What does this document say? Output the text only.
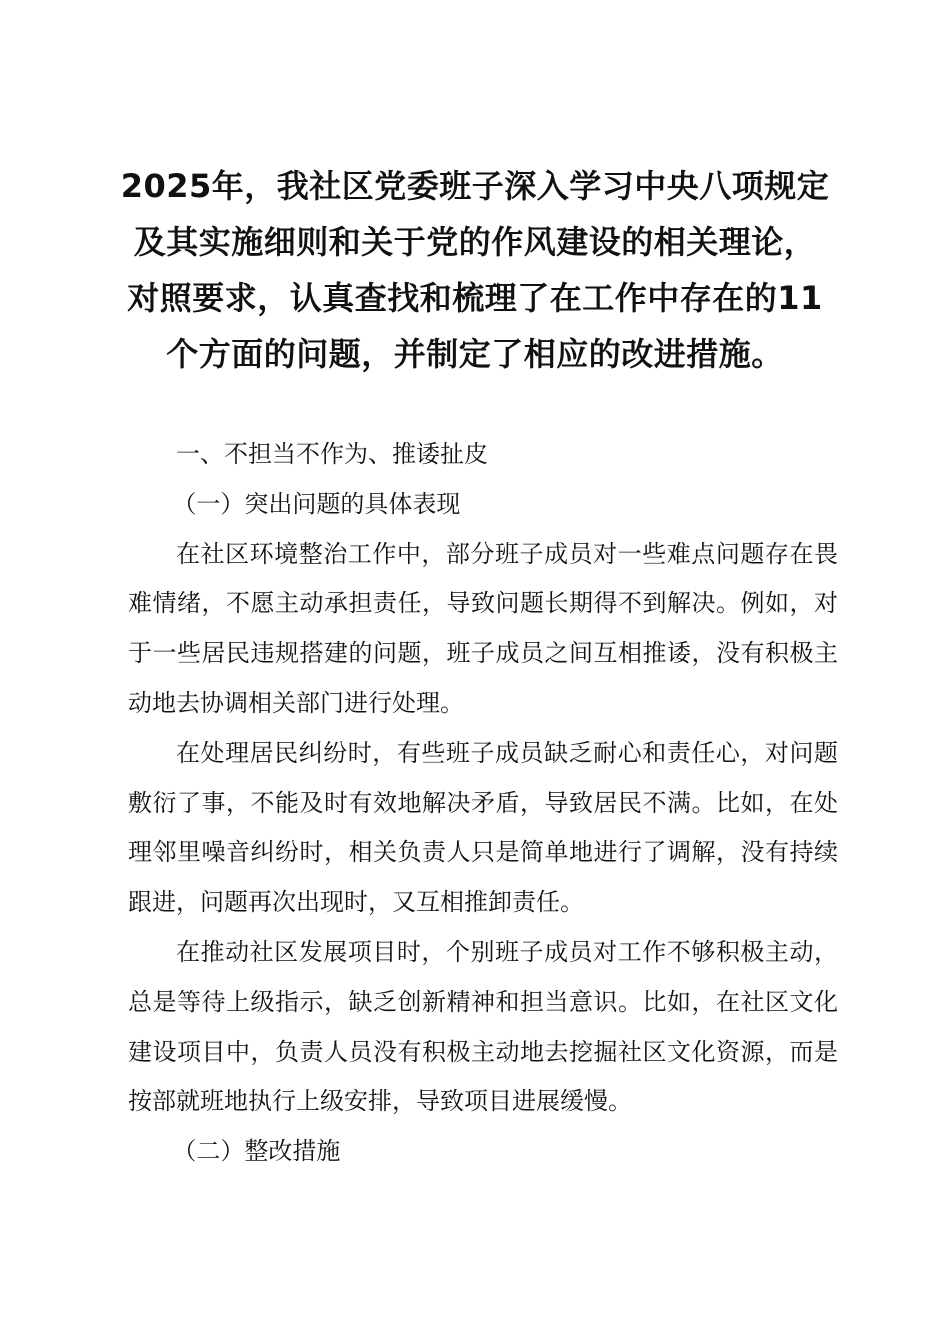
2025年，我社区党委班子深入学习中央八项规定及其实施细则和关于党的作风建设的相关理论，对照要求，认真查找和梳理了在工作中存在的11个方面的问题，并制定了相应的改进措施。

一、不担当不作为、推诿扯皮

（一）突出问题的具体表现

在社区环境整治工作中，部分班子成员对一些难点问题存在畏难情绪，不愿主动承担责任，导致问题长期得不到解决。例如，对于一些居民违规搭建的问题，班子成员之间互相推诿，没有积极主动地去协调相关部门进行处理。

在处理居民纠纷时，有些班子成员缺乏耐心和责任心，对问题敷衍了事，不能及时有效地解决矛盾，导致居民不满。比如，在处理邻里噪音纠纷时，相关负责人只是简单地进行了调解，没有持续跟进，问题再次出现时，又互相推卸责任。

在推动社区发展项目时，个别班子成员对工作不够积极主动，总是等待上级指示，缺乏创新精神和担当意识。比如，在社区文化建设项目中，负责人员没有积极主动地去挖掘社区文化资源，而是按部就班地执行上级安排，导致项目进展缓慢。

（二）整改措施
